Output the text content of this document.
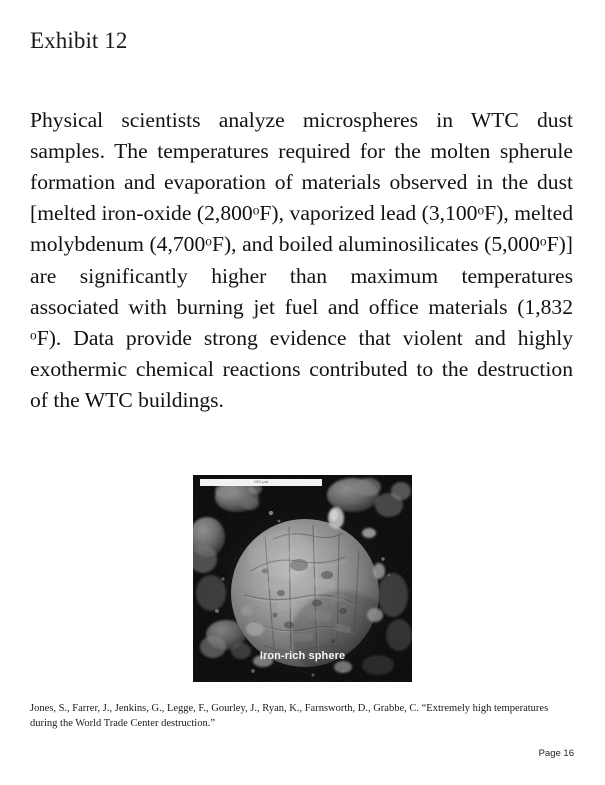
Exhibit 12

Physical scientists analyze microspheres in WTC dust samples. The temperatures required for the molten spherule formation and evaporation of materials observed in the dust [melted iron-oxide (2,800$^o$F), vaporized lead (3,100$^o$F), melted molybdenum (4,700$^o$F), and boiled aluminosilicates (5,000$^o$F)] are significantly higher than maximum temperatures associated with burning jet fuel and office materials (1,832 $^o$F). Data provide strong evidence that violent and highly exothermic chemical reactions contributed to the destruction of the WTC buildings.

100 µm
Iron-rich sphere
Jones, S., Farrer, J., Jenkins, G., Legge, F., Gourley, J., Ryan, K., Farnsworth, D., Grabbe, C. “Extremely high temperatures during the World Trade Center destruction.”
Page 16
